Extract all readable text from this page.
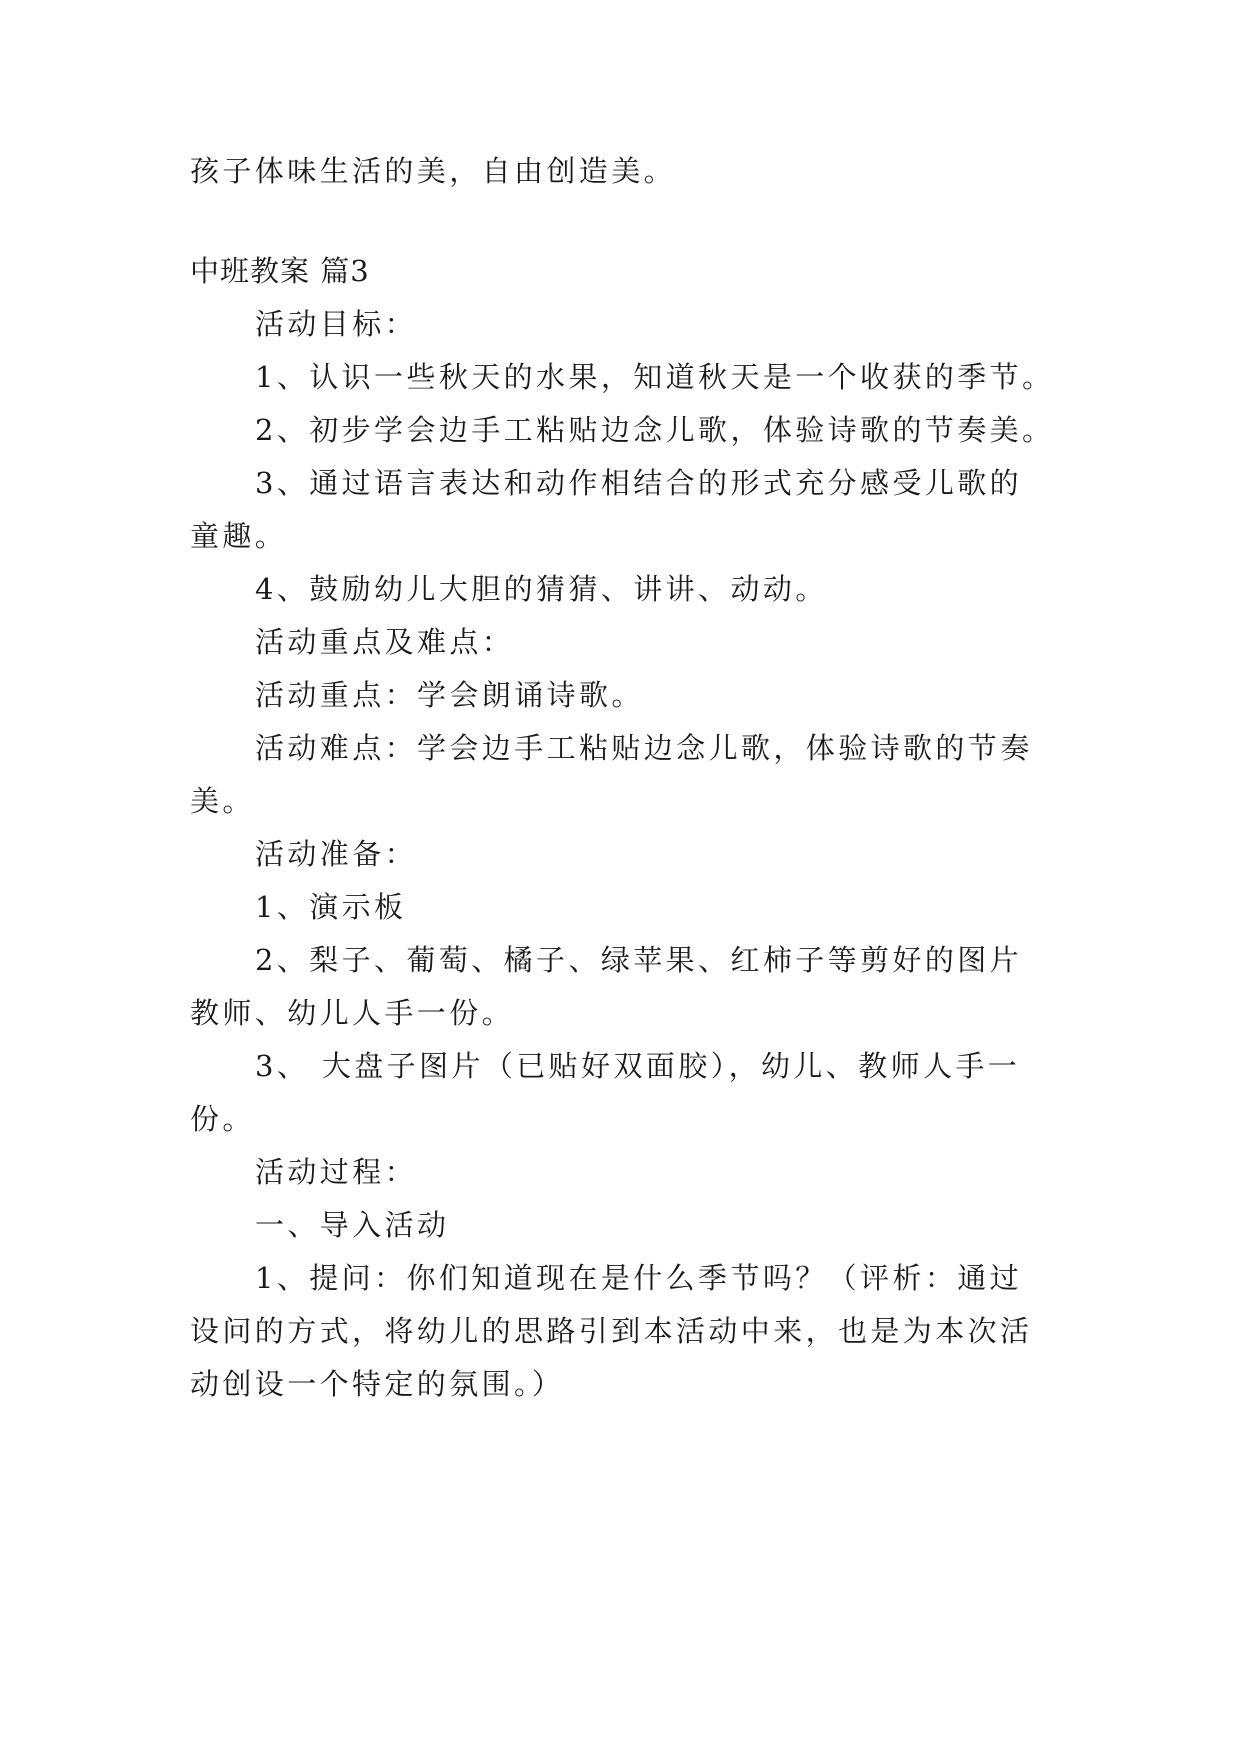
孩子体味生活的美，自由创造美。
中班教案 篇3
活动目标：
1、认识一些秋天的水果，知道秋天是一个收获的季节。
2、初步学会边手工粘贴边念儿歌，体验诗歌的节奏美。
3、通过语言表达和动作相结合的形式充分感受儿歌的
童趣。
4、鼓励幼儿大胆的猜猜、讲讲、动动。
活动重点及难点：
活动重点：学会朗诵诗歌。
活动难点：学会边手工粘贴边念儿歌，体验诗歌的节奏
美。
活动准备：
1、演示板
2、梨子、葡萄、橘子、绿苹果、红柿子等剪好的图片
教师、幼儿人手一份。
3、 大盘子图片（已贴好双面胶），幼儿、教师人手一
份。
活动过程：
一、导入活动
1、提问：你们知道现在是什么季节吗？（评析：通过
设问的方式，将幼儿的思路引到本活动中来，也是为本次活
动创设一个特定的氛围。）
